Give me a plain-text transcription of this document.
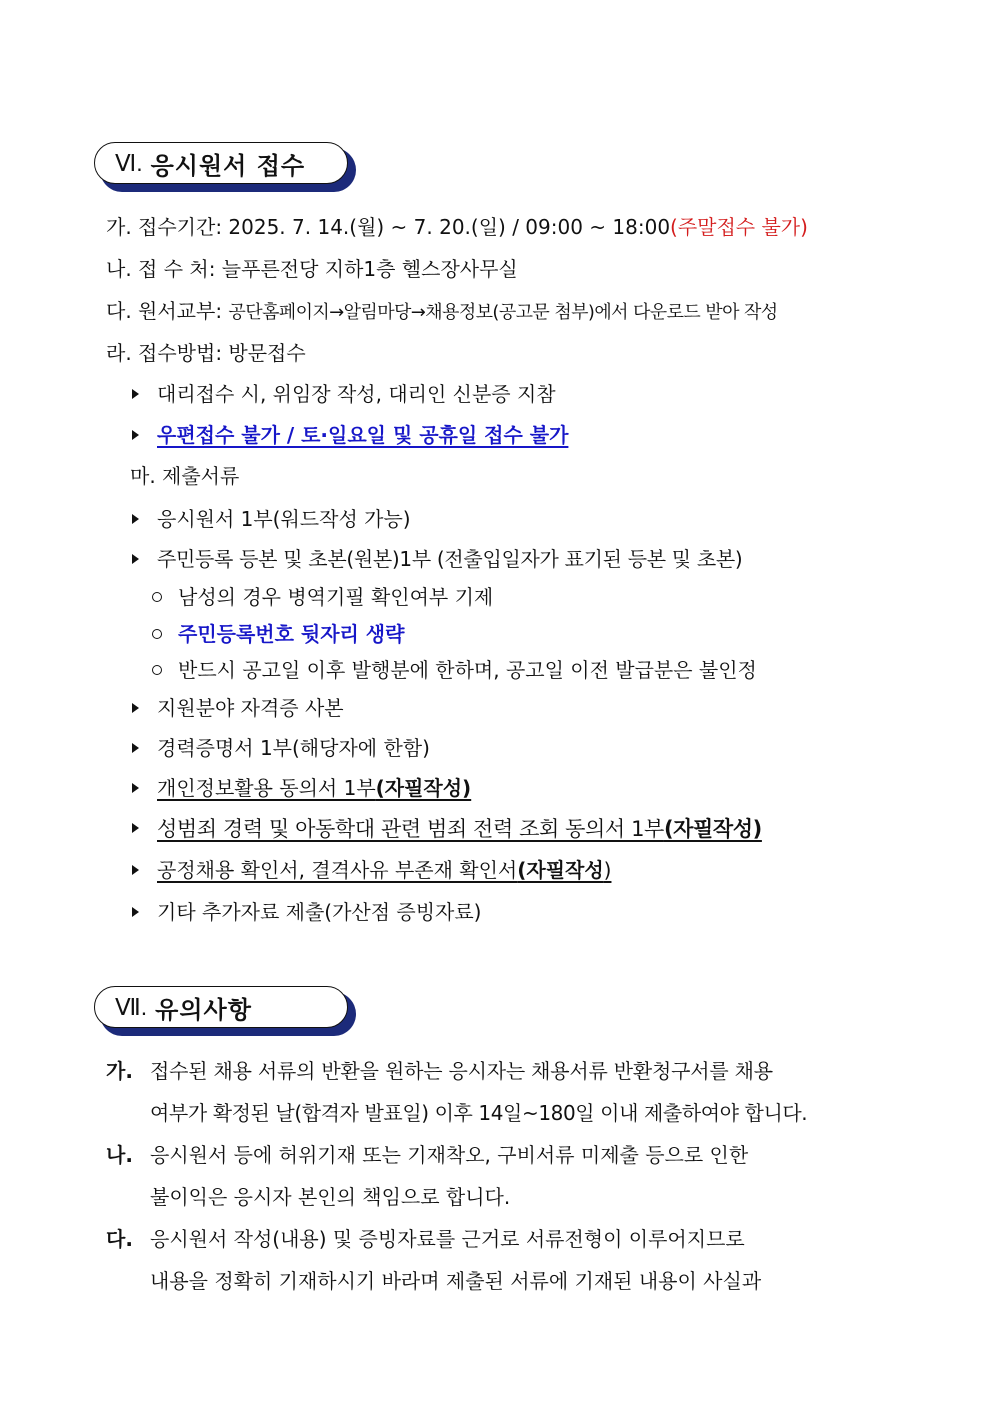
Ⅵ. 응시원서 접수
가. 접수기간: 2025. 7. 14.(월) ~ 7. 20.(일) / 09:00 ~ 18:00(주말접수 불가)
나. 접 수 처: 늘푸른전당 지하1층 헬스장사무실
다. 원서교부: 공단홈페이지→알림마당→채용정보(공고문 첨부)에서 다운로드 받아 작성
라. 접수방법: 방문접수
대리접수 시, 위임장 작성, 대리인 신분증 지참
우편접수 불가 / 토·일요일 및 공휴일 접수 불가
마. 제출서류
응시원서 1부(워드작성 가능)
주민등록 등본 및 초본(원본)1부 (전출입일자가 표기된 등본 및 초본)
남성의 경우 병역기필 확인여부 기제
주민등록번호 뒷자리 생략
반드시 공고일 이후 발행분에 한하며, 공고일 이전 발급분은 불인정
지원분야 자격증 사본
경력증명서 1부(해당자에 한함)
개인정보활용 동의서 1부(자필작성)
성범죄 경력 및 아동학대 관련 범죄 전력 조회 동의서 1부(자필작성)
공정채용 확인서, 결격사유 부존재 확인서(자필작성)
기타 추가자료 제출(가산점 증빙자료)
Ⅶ. 유의사항
가. 접수된 채용 서류의 반환을 원하는 응시자는 채용서류 반환청구서를 채용
여부가 확정된 날(합격자 발표일) 이후 14일~180일 이내 제출하여야 합니다.
나. 응시원서 등에 허위기재 또는 기재착오, 구비서류 미제출 등으로 인한
불이익은 응시자 본인의 책임으로 합니다.
다. 응시원서 작성(내용) 및 증빙자료를 근거로 서류전형이 이루어지므로
내용을 정확히 기재하시기 바라며 제출된 서류에 기재된 내용이 사실과
